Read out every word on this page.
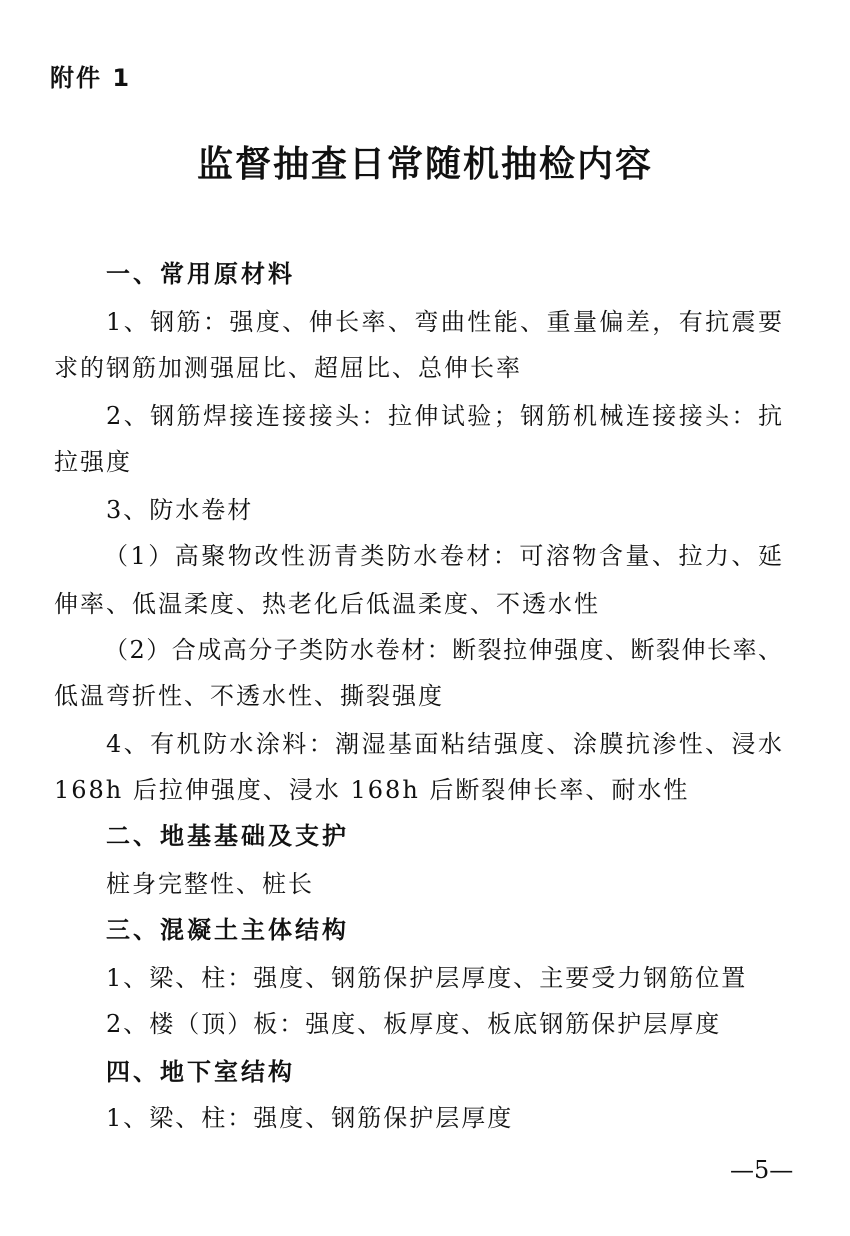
附件 1
监督抽查日常随机抽检内容
一、常用原材料
1、钢筋：强度、伸长率、弯曲性能、重量偏差，有抗震要
求的钢筋加测强屈比、超屈比、总伸长率
2、钢筋焊接连接接头：拉伸试验；钢筋机械连接接头：抗
拉强度
3、防水卷材
（1）高聚物改性沥青类防水卷材：可溶物含量、拉力、延
伸率、低温柔度、热老化后低温柔度、不透水性
（2）合成高分子类防水卷材：断裂拉伸强度、断裂伸长率、
低温弯折性、不透水性、撕裂强度
4、有机防水涂料：潮湿基面粘结强度、涂膜抗渗性、浸水
168h 后拉伸强度、浸水 168h 后断裂伸长率、耐水性
二、地基基础及支护
桩身完整性、桩长
三、混凝土主体结构
1、梁、柱：强度、钢筋保护层厚度、主要受力钢筋位置
2、楼（顶）板：强度、板厚度、板底钢筋保护层厚度
四、地下室结构
1、梁、柱：强度、钢筋保护层厚度
—5—
